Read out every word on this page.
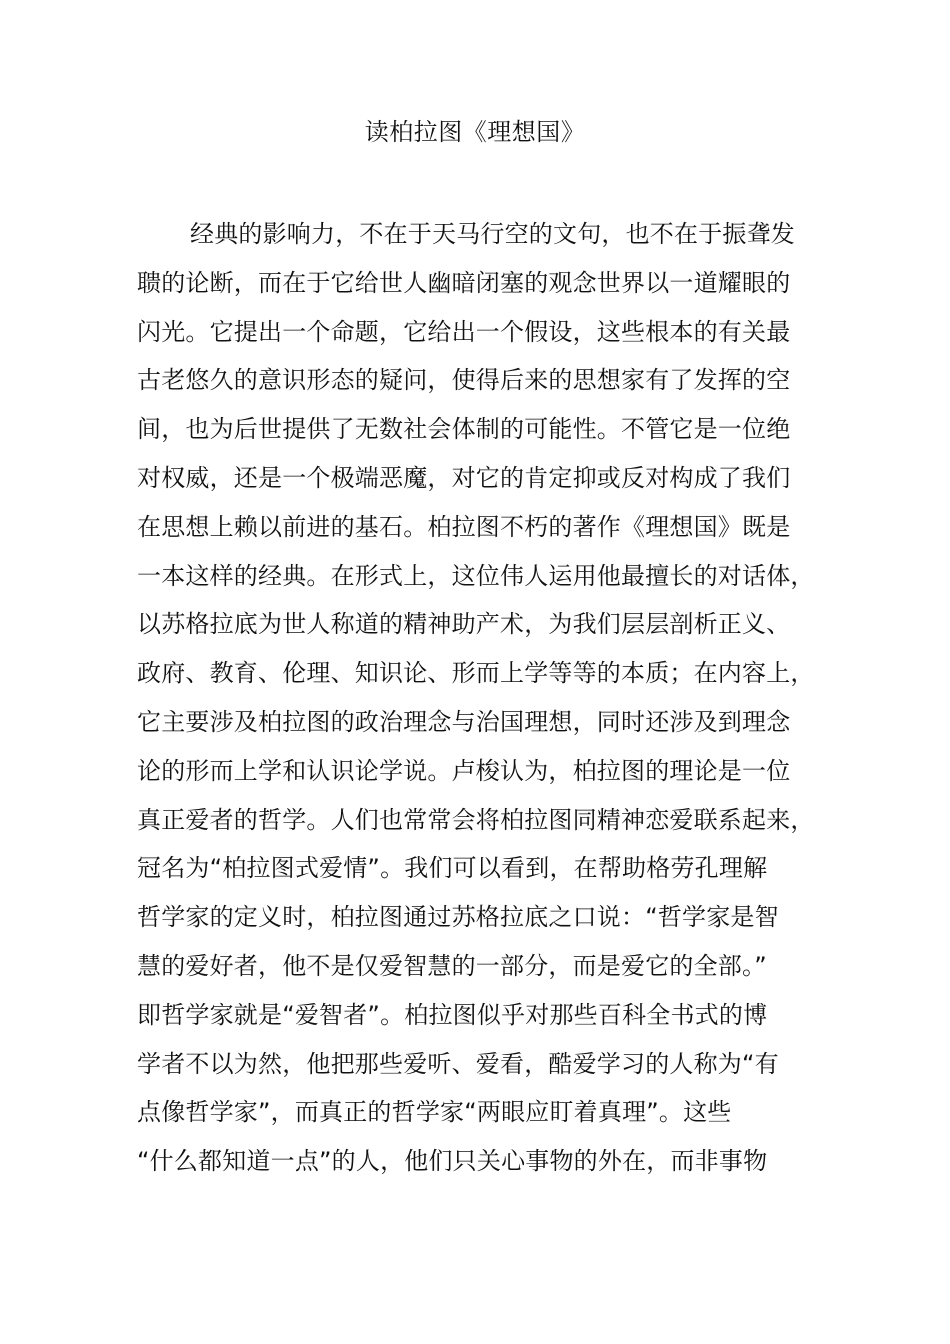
读柏拉图《理想国》
经典的影响力，不在于天马行空的文句，也不在于振聋发
聩的论断，而在于它给世人幽暗闭塞的观念世界以一道耀眼的
闪光。它提出一个命题，它给出一个假设，这些根本的有关最
古老悠久的意识形态的疑问，使得后来的思想家有了发挥的空
间，也为后世提供了无数社会体制的可能性。不管它是一位绝
对权威，还是一个极端恶魔，对它的肯定抑或反对构成了我们
在思想上赖以前进的基石。柏拉图不朽的著作《理想国》既是
一本这样的经典。在形式上，这位伟人运用他最擅长的对话体，
以苏格拉底为世人称道的精神助产术，为我们层层剖析正义、
政府、教育、伦理、知识论、形而上学等等的本质；在内容上，
它主要涉及柏拉图的政治理念与治国理想，同时还涉及到理念
论的形而上学和认识论学说。卢梭认为，柏拉图的理论是一位
真正爱者的哲学。人们也常常会将柏拉图同精神恋爱联系起来，
冠名为“柏拉图式爱情”。我们可以看到，在帮助格劳孔理解
哲学家的定义时，柏拉图通过苏格拉底之口说：“哲学家是智
慧的爱好者，他不是仅爱智慧的一部分，而是爱它的全部。”
即哲学家就是“爱智者”。柏拉图似乎对那些百科全书式的博
学者不以为然，他把那些爱听、爱看，酷爱学习的人称为“有
点像哲学家”，而真正的哲学家“两眼应盯着真理”。这些
“什么都知道一点”的人，他们只关心事物的外在，而非事物
